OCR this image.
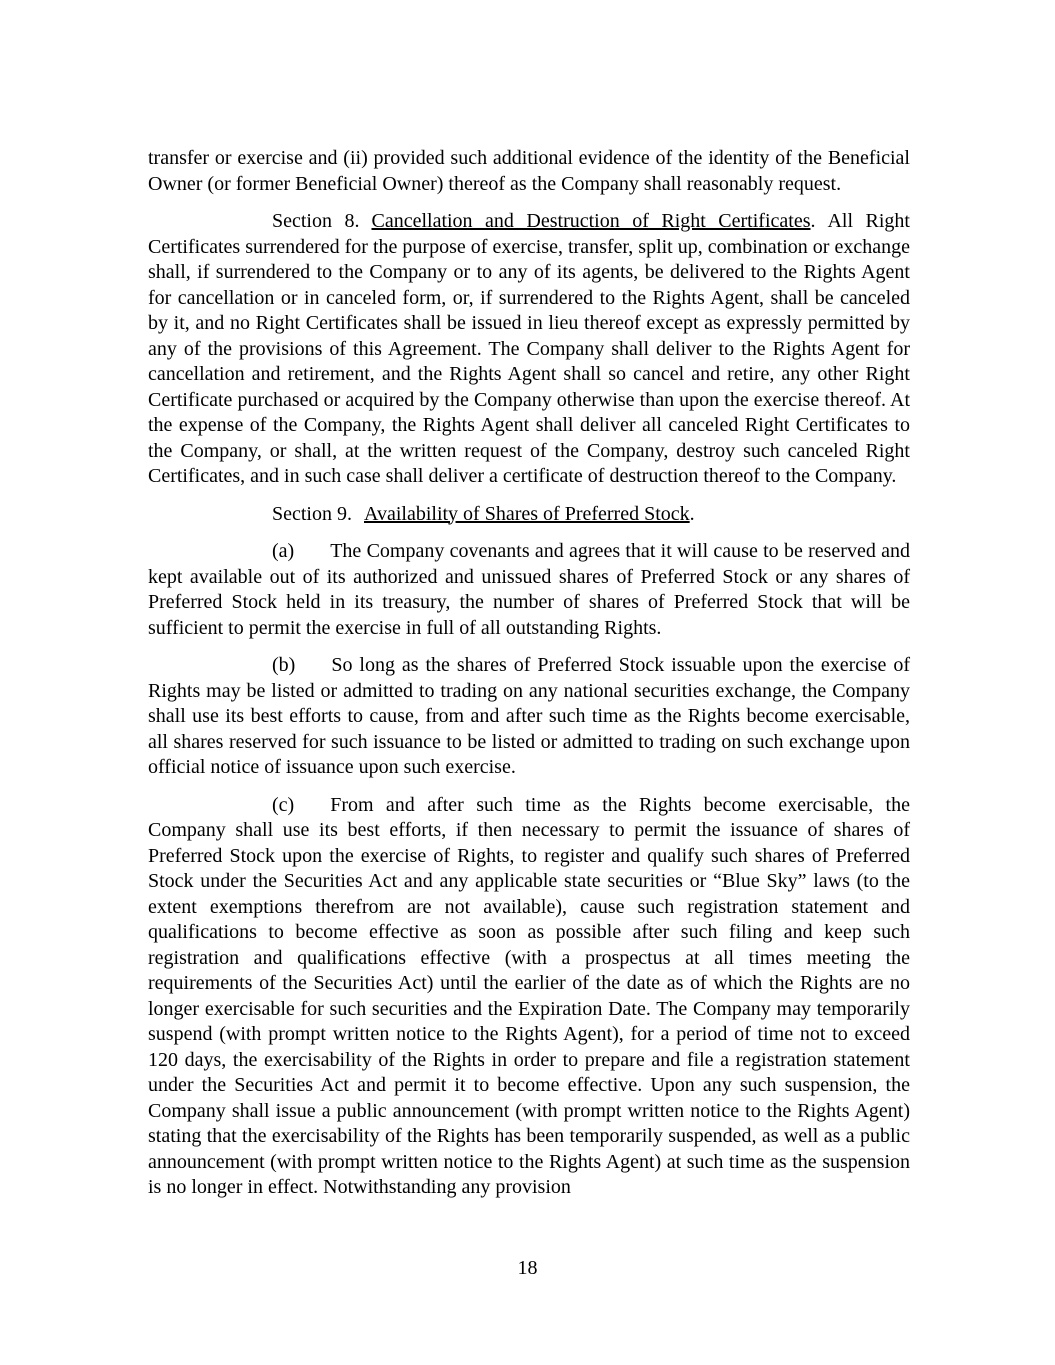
transfer or exercise and (ii) provided such additional evidence of the identity of the Beneficial Owner (or former Beneficial Owner) thereof as the Company shall reasonably request.

Section 8. Cancellation and Destruction of Right Certificates. All Right Certificates surrendered for the purpose of exercise, transfer, split up, combination or exchange shall, if surrendered to the Company or to any of its agents, be delivered to the Rights Agent for cancellation or in canceled form, or, if surrendered to the Rights Agent, shall be canceled by it, and no Right Certificates shall be issued in lieu thereof except as expressly permitted by any of the provisions of this Agreement. The Company shall deliver to the Rights Agent for cancellation and retirement, and the Rights Agent shall so cancel and retire, any other Right Certificate purchased or acquired by the Company otherwise than upon the exercise thereof. At the expense of the Company, the Rights Agent shall deliver all canceled Right Certificates to the Company, or shall, at the written request of the Company, destroy such canceled Right Certificates, and in such case shall deliver a certificate of destruction thereof to the Company.

Section 9. Availability of Shares of Preferred Stock.

(a) The Company covenants and agrees that it will cause to be reserved and kept available out of its authorized and unissued shares of Preferred Stock or any shares of Preferred Stock held in its treasury, the number of shares of Preferred Stock that will be sufficient to permit the exercise in full of all outstanding Rights.

(b) So long as the shares of Preferred Stock issuable upon the exercise of Rights may be listed or admitted to trading on any national securities exchange, the Company shall use its best efforts to cause, from and after such time as the Rights become exercisable, all shares reserved for such issuance to be listed or admitted to trading on such exchange upon official notice of issuance upon such exercise.

(c) From and after such time as the Rights become exercisable, the Company shall use its best efforts, if then necessary to permit the issuance of shares of Preferred Stock upon the exercise of Rights, to register and qualify such shares of Preferred Stock under the Securities Act and any applicable state securities or “Blue Sky” laws (to the extent exemptions therefrom are not available), cause such registration statement and qualifications to become effective as soon as possible after such filing and keep such registration and qualifications effective (with a prospectus at all times meeting the requirements of the Securities Act) until the earlier of the date as of which the Rights are no longer exercisable for such securities and the Expiration Date. The Company may temporarily suspend (with prompt written notice to the Rights Agent), for a period of time not to exceed 120 days, the exercisability of the Rights in order to prepare and file a registration statement under the Securities Act and permit it to become effective. Upon any such suspension, the Company shall issue a public announcement (with prompt written notice to the Rights Agent) stating that the exercisability of the Rights has been temporarily suspended, as well as a public announcement (with prompt written notice to the Rights Agent) at such time as the suspension is no longer in effect. Notwithstanding any provision

18
